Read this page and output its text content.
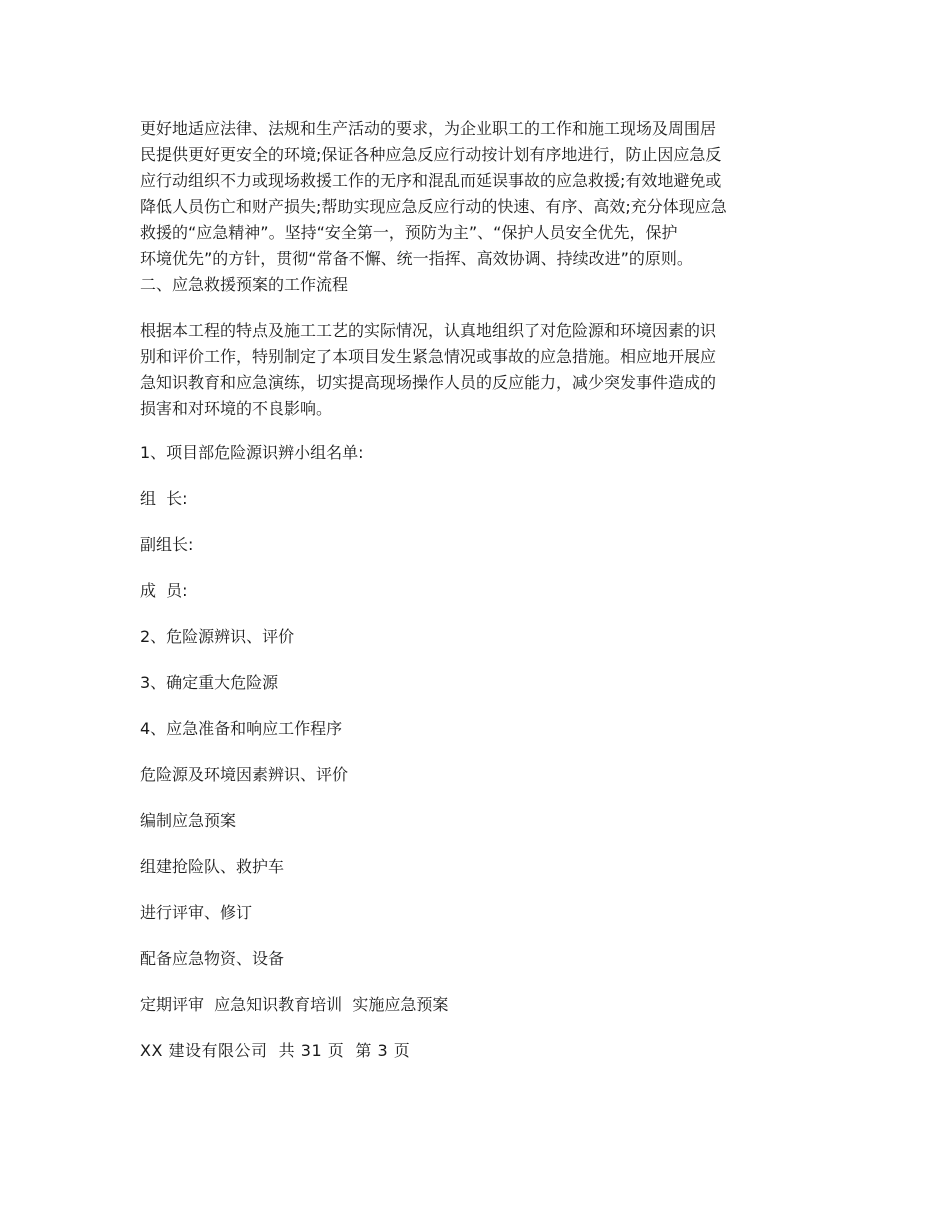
更好地适应法律、法规和生产活动的要求，为企业职工的工作和施工现场及周围居
民提供更好更安全的环境;保证各种应急反应行动按计划有序地进行，防止因应急反
应行动组织不力或现场救援工作的无序和混乱而延误事故的应急救援;有效地避免或
降低人员伤亡和财产损失;帮助实现应急反应行动的快速、有序、高效;充分体现应急
救援的“应急精神”。坚持“安全第一，预防为主”、“保护人员安全优先，保护
环境优先”的方针，贯彻“常备不懈、统一指挥、高效协调、持续改进”的原则。
二、应急救援预案的工作流程
根据本工程的特点及施工工艺的实际情况，认真地组织了对危险源和环境因素的识
别和评价工作，特别制定了本项目发生紧急情况或事故的应急措施。相应地开展应
急知识教育和应急演练，切实提高现场操作人员的反应能力，减少突发事件造成的
损害和对环境的不良影响。

1、项目部危险源识辨小组名单:

组  长:

副组长:

成  员:

2、危险源辨识、评价

3、确定重大危险源

4、应急准备和响应工作程序

危险源及环境因素辨识、评价

编制应急预案

组建抢险队、救护车

进行评审、修订

配备应急物资、设备

定期评审  应急知识教育培训  实施应急预案

XX 建设有限公司  共 31 页  第 3 页
